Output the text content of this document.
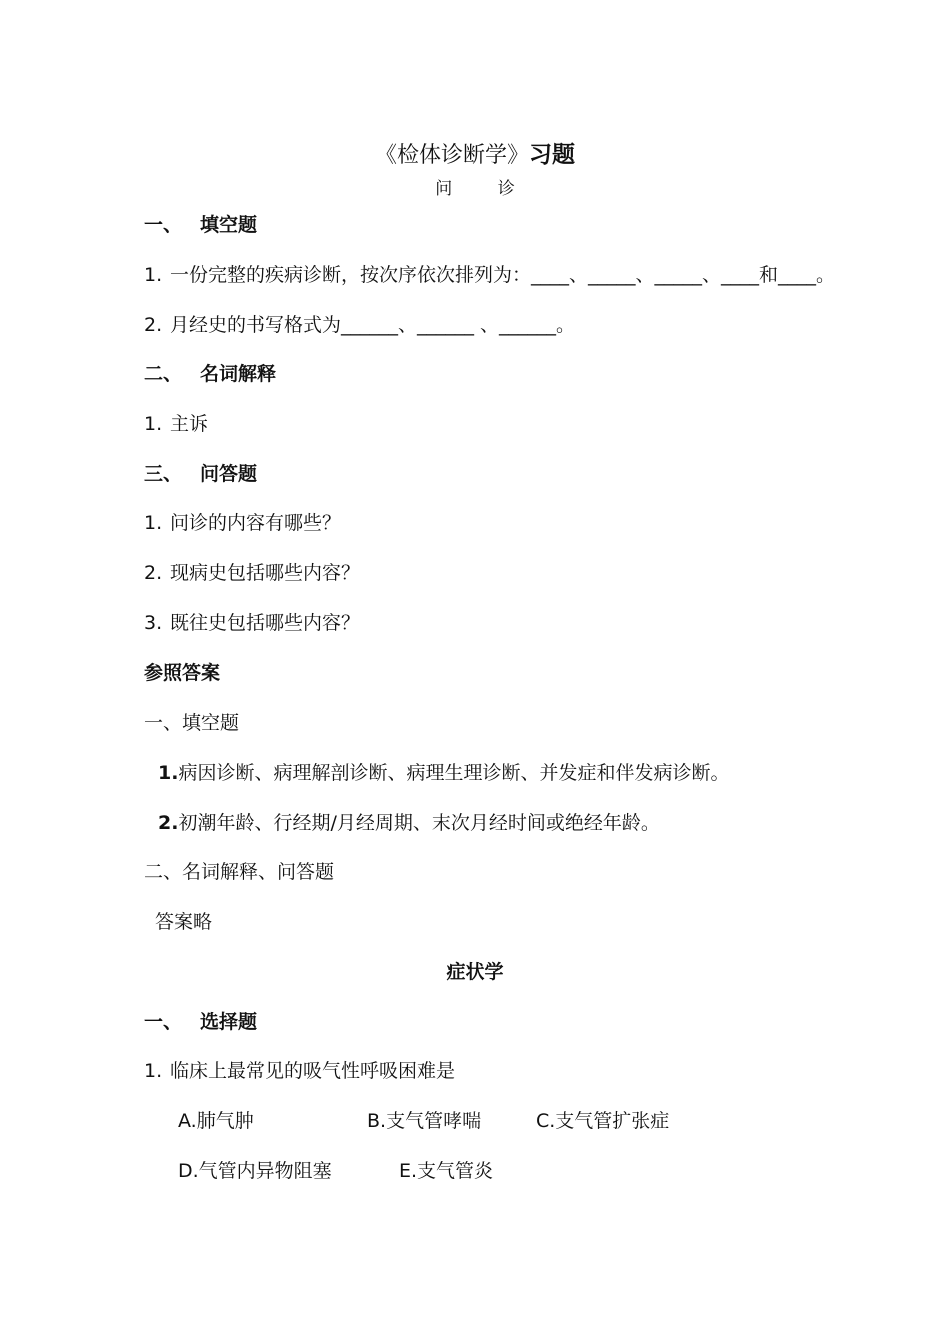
《检体诊断学》习题
问 诊
一、 填空题
1. 一份完整的疾病诊断，按次序依次排列为：____、_____、_____、____和____。
2. 月经史的书写格式为______、______ 、______。
二、 名词解释
1. 主诉
三、 问答题
1. 问诊的内容有哪些？
2. 现病史包括哪些内容？
3. 既往史包括哪些内容？
参照答案
一、填空题
1.病因诊断、病理解剖诊断、病理生理诊断、并发症和伴发病诊断。
2.初潮年龄、行经期/月经周期、末次月经时间或绝经年龄。
二、名词解释、问答题
答案略
症状学
一、 选择题
1. 临床上最常见的吸气性呼吸困难是
A.肺气肿	B.支气管哮喘	C.支气管扩张症
D.气管内异物阻塞	E.支气管炎
